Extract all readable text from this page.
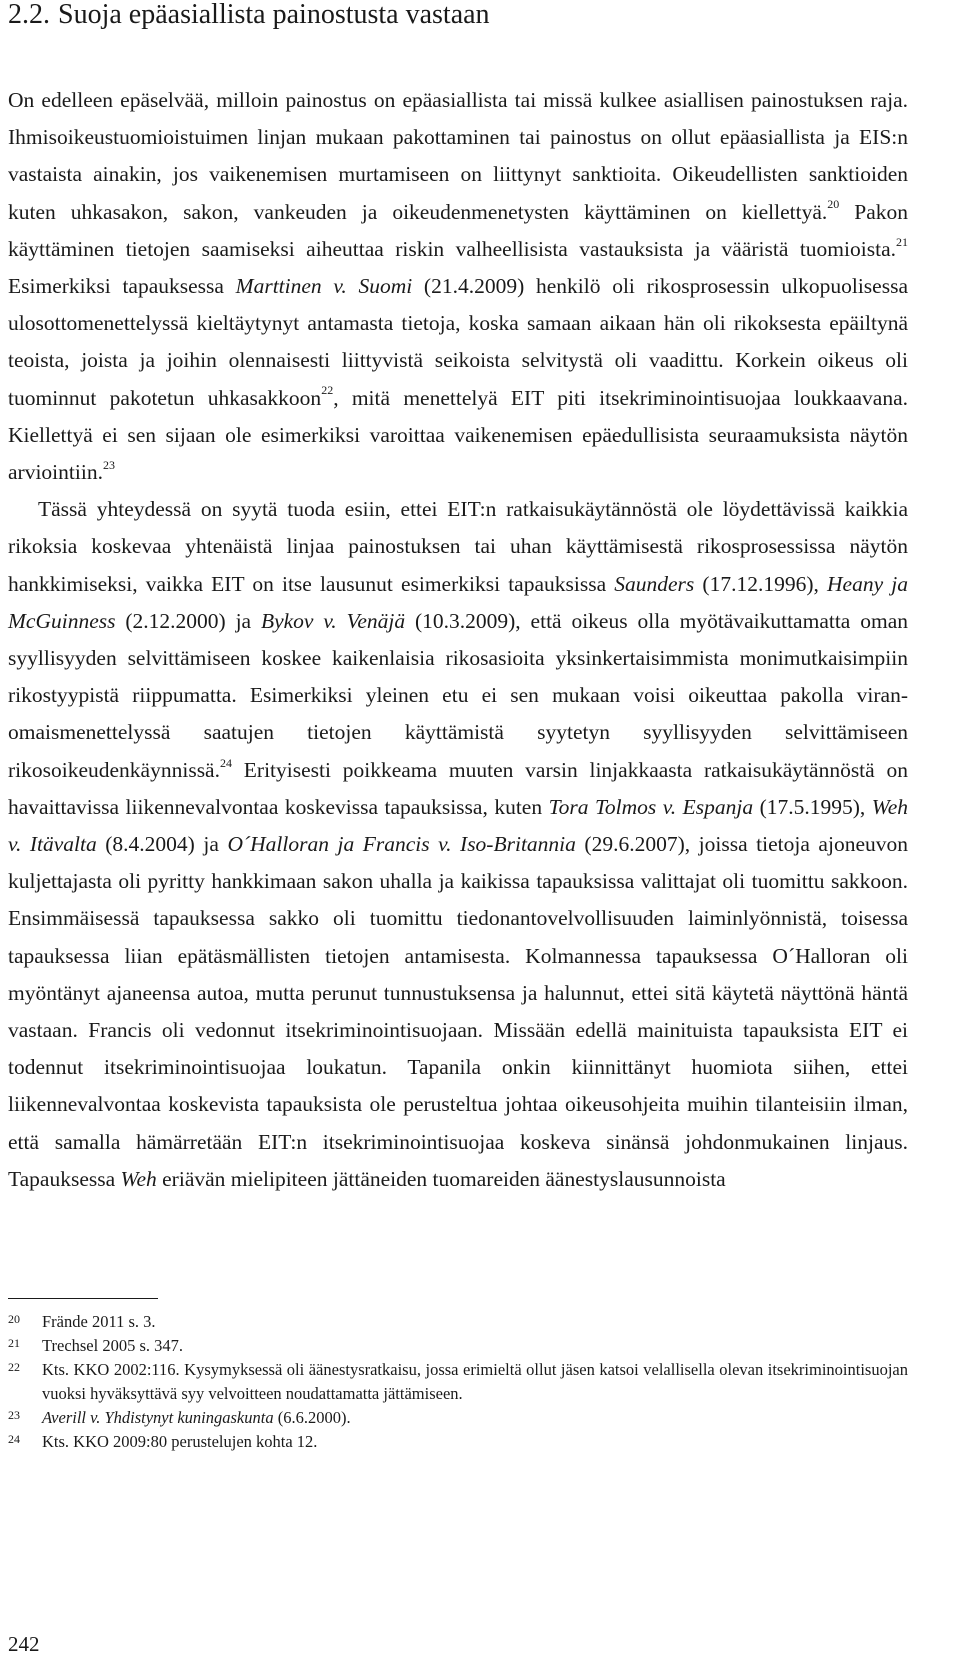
2.2. Suoja epäasiallista painostusta vastaan

On edelleen epäselvää, milloin painostus on epäasiallista tai missä kulkee asiallisen painostuksen raja. Ihmisoikeustuomioistuimen linjan mukaan pakottaminen tai painostus on ollut epäasiallista ja EIS:n vastaista ainakin, jos vaikenemisen murtamiseen on liittynyt sanktioita. Oikeudellisten sanktioiden kuten uhkasakon, sakon, vankeuden ja oikeudenmenetysten käyttäminen on kiellettyä.$^{20}$ Pakon käyttäminen tietojen saamiseksi aiheuttaa riskin valheellisista vastauksista ja vääristä tuomioista.$^{21}$ Esimerkiksi tapauksessa Marttinen v. Suomi (21.4.2009) henkilö oli rikosprosessin ulkopuolisessa ulosottomenettelyssä kieltäytynyt antamasta tietoja, koska samaan aikaan hän oli rikoksesta epäiltynä teoista, joista ja joihin olennaisesti liittyvistä seikoista selvitystä oli vaadittu. Korkein oikeus oli tuominnut pakotetun uhkasakkoon$^{22}$, mitä menettelyä EIT piti itsekriminointisuojaa loukkaavana. Kiellettyä ei sen sijaan ole esimerkiksi varoittaa vaikenemisen epäedullisista seuraamuksista näytön arviointiin.$^{23}$

Tässä yhteydessä on syytä tuoda esiin, ettei EIT:n ratkaisukäytännöstä ole löydettävissä kaikkia rikoksia koskevaa yhtenäistä linjaa painostuksen tai uhan käyttämisestä rikosprosessissa näytön hankkimiseksi, vaikka EIT on itse lausunut esimerkiksi tapauksissa Saunders (17.12.1996), Heany ja McGuinness (2.12.2000) ja Bykov v. Venäjä (10.3.2009), että oikeus olla myötävaikuttamatta oman syyllisyyden selvittämiseen koskee kaikenlaisia rikosasioita yksinkertaisimmista monimutkaisimpiin rikostyypistä riippumatta. Esimerkiksi yleinen etu ei sen mukaan voisi oikeuttaa pakolla viranomaismenettelyssä saatujen tietojen käyttämistä syytetyn syyllisyyden selvittämiseen rikosoikeudenkäynnissä.$^{24}$ Erityisesti poikkeama muuten varsin linjakkaasta ratkaisukäytännöstä on havaittavissa liikennevalvontaa koskevissa tapauksissa, kuten Tora Tolmos v. Espanja (17.5.1995), Weh v. Itävalta (8.4.2004) ja O´Halloran ja Francis v. Iso-Britannia (29.6.2007), joissa tietoja ajoneuvon kuljettajasta oli pyritty hankkimaan sakon uhalla ja kaikissa tapauksissa valittajat oli tuomittu sakkoon. Ensimmäisessä tapauksessa sakko oli tuomittu tiedonantovelvollisuuden laiminlyönnistä, toisessa tapauksessa liian epätäsmällisten tietojen antamisesta. Kolmannessa tapauksessa O´Halloran oli myöntänyt ajaneensa autoa, mutta perunut tunnustuksensa ja halunnut, ettei sitä käytetä näyttönä häntä vastaan. Francis oli vedonnut itsekriminointisuojaan. Missään edellä mainituista tapauksista EIT ei todennut itsekriminointisuojaa loukatun. Tapanila onkin kiinnittänyt huomiota siihen, ettei liikennevalvontaa koskevista tapauksista ole perusteltua johtaa oikeusohjeita muihin tilanteisiin ilman, että samalla hämärretään EIT:n itsekriminointisuojaa koskeva sinänsä johdonmukainen linjaus. Tapauksessa Weh eriävän mielipiteen jättäneiden tuomareiden äänestyslausunnoista

20	Frände 2011 s. 3.
21	Trechsel 2005 s. 347.
22	Kts. KKO 2002:116. Kysymyksessä oli äänestysratkaisu, jossa erimieltä ollut jäsen katsoi velallisella olevan itsekriminointisuojan vuoksi hyväksyttävä syy velvoitteen noudattamatta jättämiseen.
23	Averill v. Yhdistynyt kuningaskunta (6.6.2000).
24	Kts. KKO 2009:80 perustelujen kohta 12.
242
